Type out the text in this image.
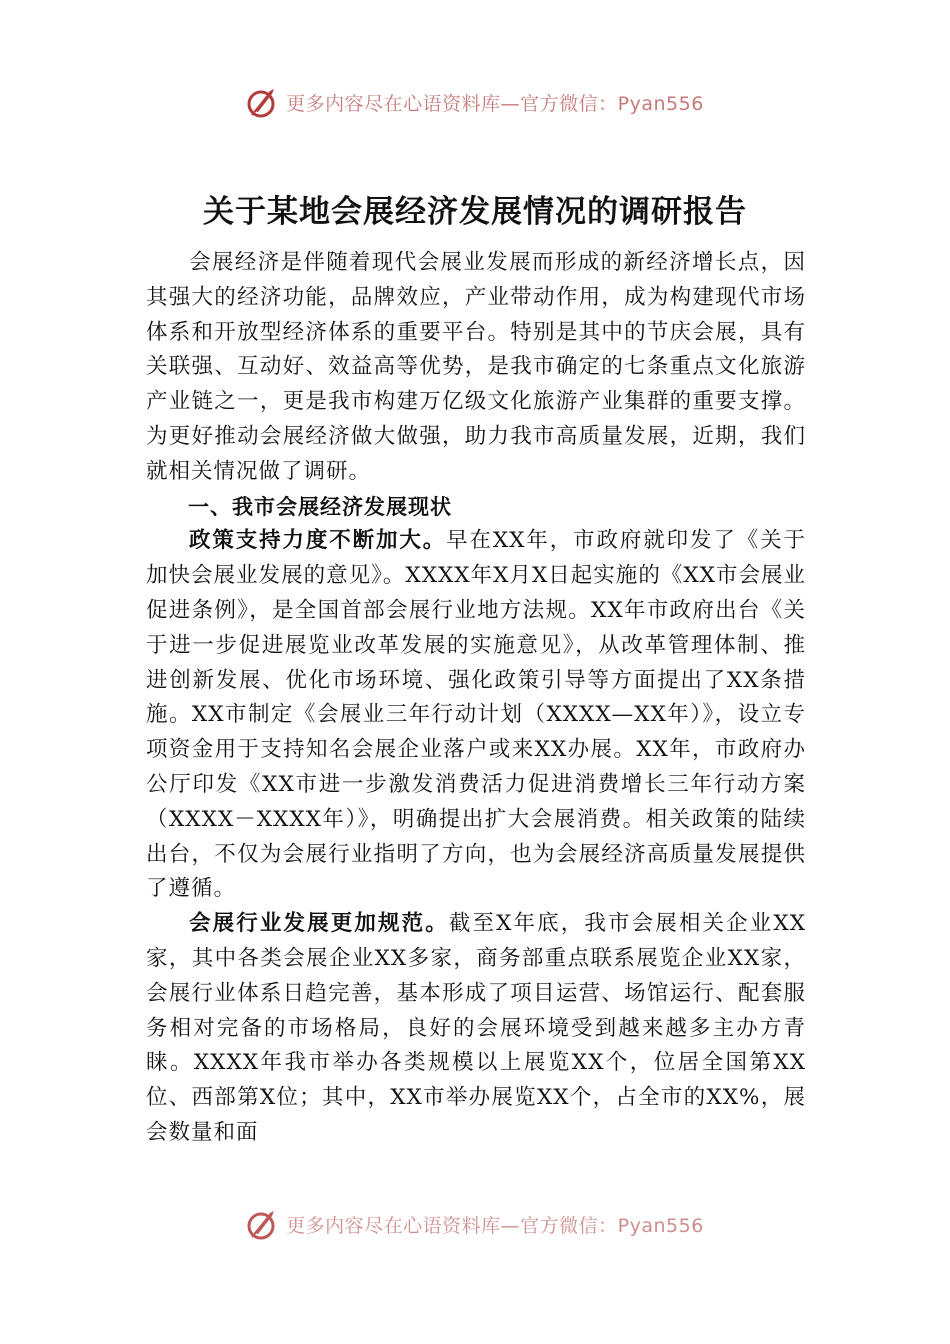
更多内容尽在心语资料库—官方微信：Pyan556
关于某地会展经济发展情况的调研报告

会展经济是伴随着现代会展业发展而形成的新经济增长点，因其强大的经济功能，品牌效应，产业带动作用，成为构建现代市场体系和开放型经济体系的重要平台。特别是其中的节庆会展，具有关联强、互动好、效益高等优势，是我市确定的七条重点文化旅游产业链之一，更是我市构建万亿级文化旅游产业集群的重要支撑。为更好推动会展经济做大做强，助力我市高质量发展，近期，我们就相关情况做了调研。

一、我市会展经济发展现状

政策支持力度不断加大。早在XX年，市政府就印发了《关于加快会展业发展的意见》。XXXX年X月X日起实施的《XX市会展业促进条例》，是全国首部会展行业地方法规。XX年市政府出台《关于进一步促进展览业改革发展的实施意见》，从改革管理体制、推进创新发展、优化市场环境、强化政策引导等方面提出了XX条措施。XX市制定《会展业三年行动计划（XXXX—XX年）》，设立专项资金用于支持知名会展企业落户或来XX办展。XX年，市政府办公厅印发《XX市进一步激发消费活力促进消费增长三年行动方案（XXXX－XXXX年）》，明确提出扩大会展消费。相关政策的陆续出台，不仅为会展行业指明了方向，也为会展经济高质量发展提供了遵循。

会展行业发展更加规范。截至X年底，我市会展相关企业XX家，其中各类会展企业XX多家，商务部重点联系展览企业XX家，会展行业体系日趋完善，基本形成了项目运营、场馆运行、配套服务相对完备的市场格局，良好的会展环境受到越来越多主办方青睐。XXXX年我市举办各类规模以上展览XX个，位居全国第XX位、西部第X位；其中，XX市举办展览XX个，占全市的XX%，展会数量和面

更多内容尽在心语资料库—官方微信：Pyan556
